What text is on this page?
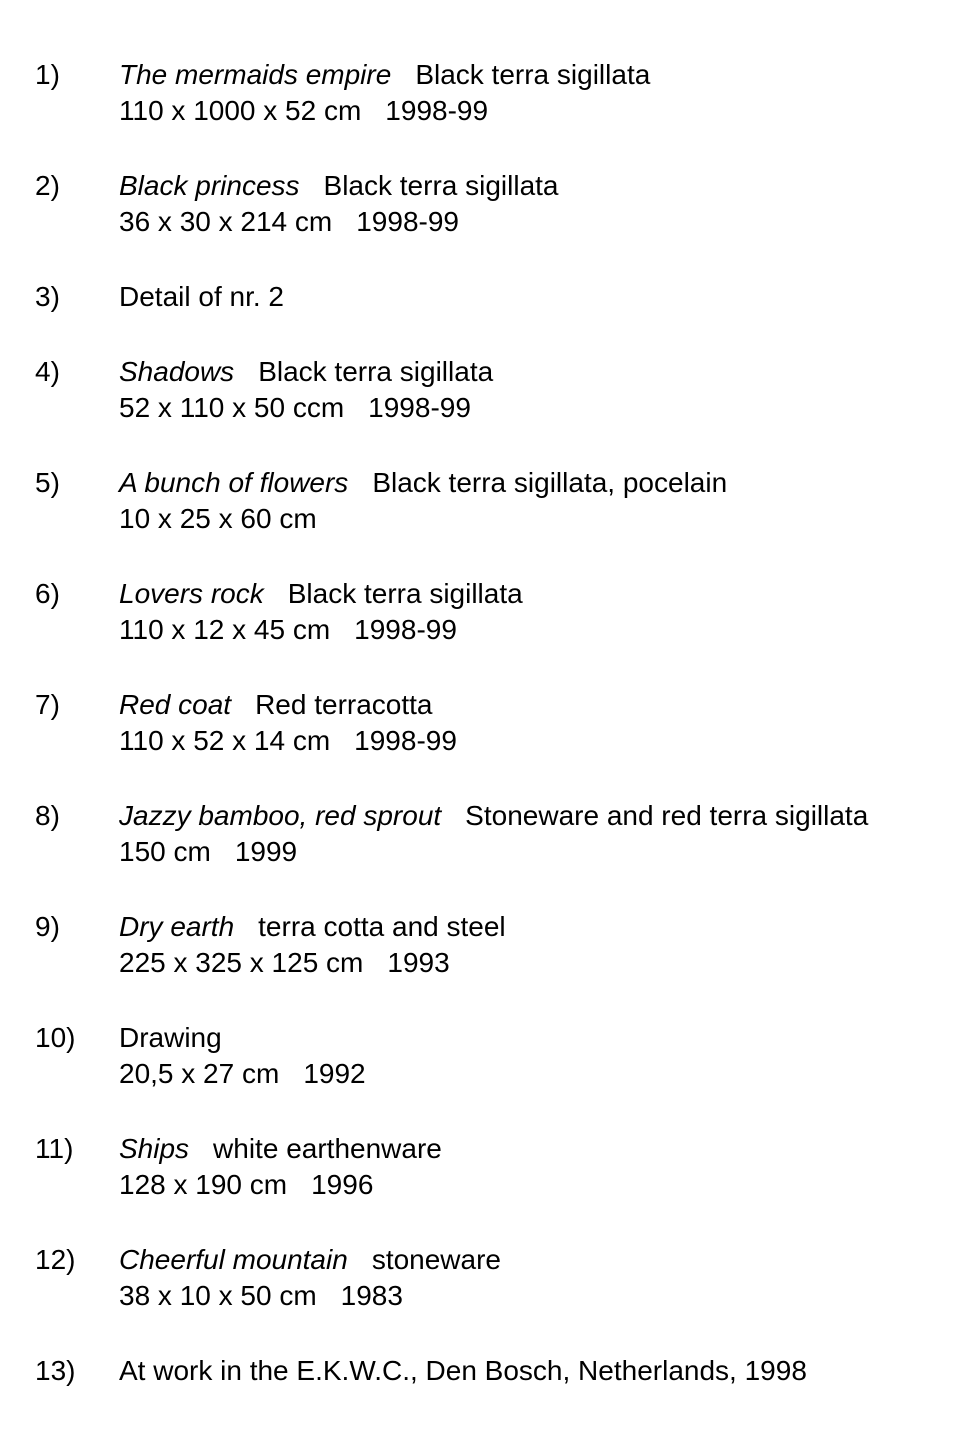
1) The mermaids empire Black terra sigillata
110 x 1000 x 52 cm 1998-99
2) Black princess Black terra sigillata
36 x 30 x 214 cm 1998-99
3) Detail of nr. 2
4) Shadows Black terra sigillata
52 x 110 x 50 ccm 1998-99
5) A bunch of flowers Black terra sigillata, pocelain
10 x 25 x 60 cm
6) Lovers rock Black terra sigillata
110 x 12 x 45 cm 1998-99
7) Red coat Red terracotta
110 x 52 x 14 cm 1998-99
8) Jazzy bamboo, red sprout Stoneware and red terra sigillata
150 cm 1999
9) Dry earth terra cotta and steel
225 x 325 x 125 cm 1993
10) Drawing
20,5 x 27 cm 1992
11) Ships white earthenware
128 x 190 cm 1996
12) Cheerful mountain stoneware
38 x 10 x 50 cm 1983
13) At work in the E.K.W.C., Den Bosch, Netherlands, 1998
